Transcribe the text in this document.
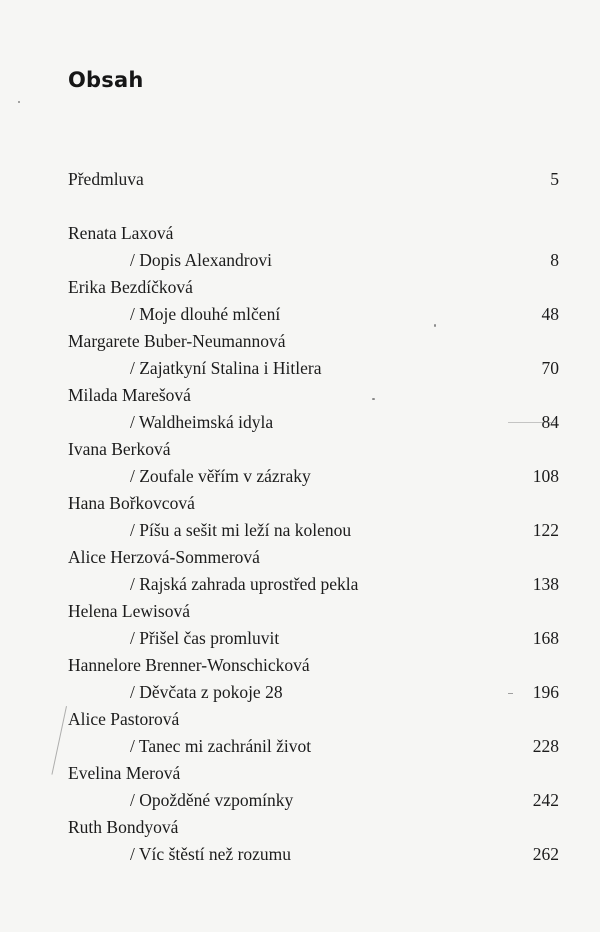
Obsah
Předmluva	5
Renata Laxová
/ Dopis Alexandrovi	8
Erika Bezdíčková
/ Moje dlouhé mlčení	48
Margarete Buber-Neumannová
/ Zajatkyní Stalina i Hitlera	70
Milada Marešová
/ Waldheimská idyla	84
Ivana Berková
/ Zoufale věřím v zázraky	108
Hana Bořkovcová
/ Píšu a sešit mi leží na kolenou	122
Alice Herzová-Sommerová
/ Rajská zahrada uprostřed pekla	138
Helena Lewisová
/ Přišel čas promluvit	168
Hannelore Brenner-Wonschicková
/ Děvčata z pokoje 28	196
Alice Pastorová
/ Tanec mi zachránil život	228
Evelina Merová
/ Opožděné vzpomínky	242
Ruth Bondyová
/ Víc štěstí než rozumu	262
